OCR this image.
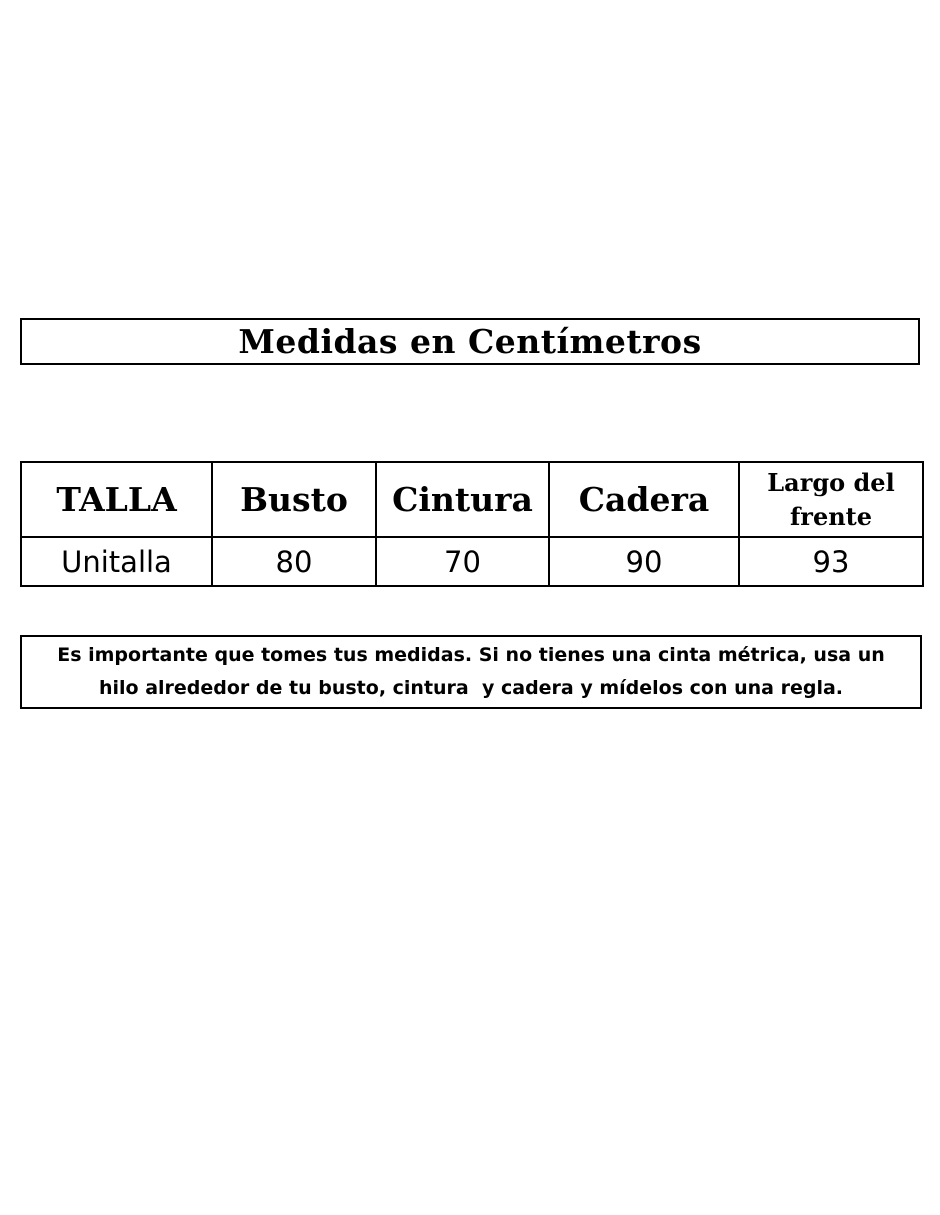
Medidas en Centímetros
TALLA	Busto	Cintura	Cadera	Largo del frente
Unitalla	80	70	90	93
Es importante que tomes tus medidas. Si no tienes una cinta métrica, usa un hilo alrededor de tu busto, cintura  y cadera y mídelos con una regla.
